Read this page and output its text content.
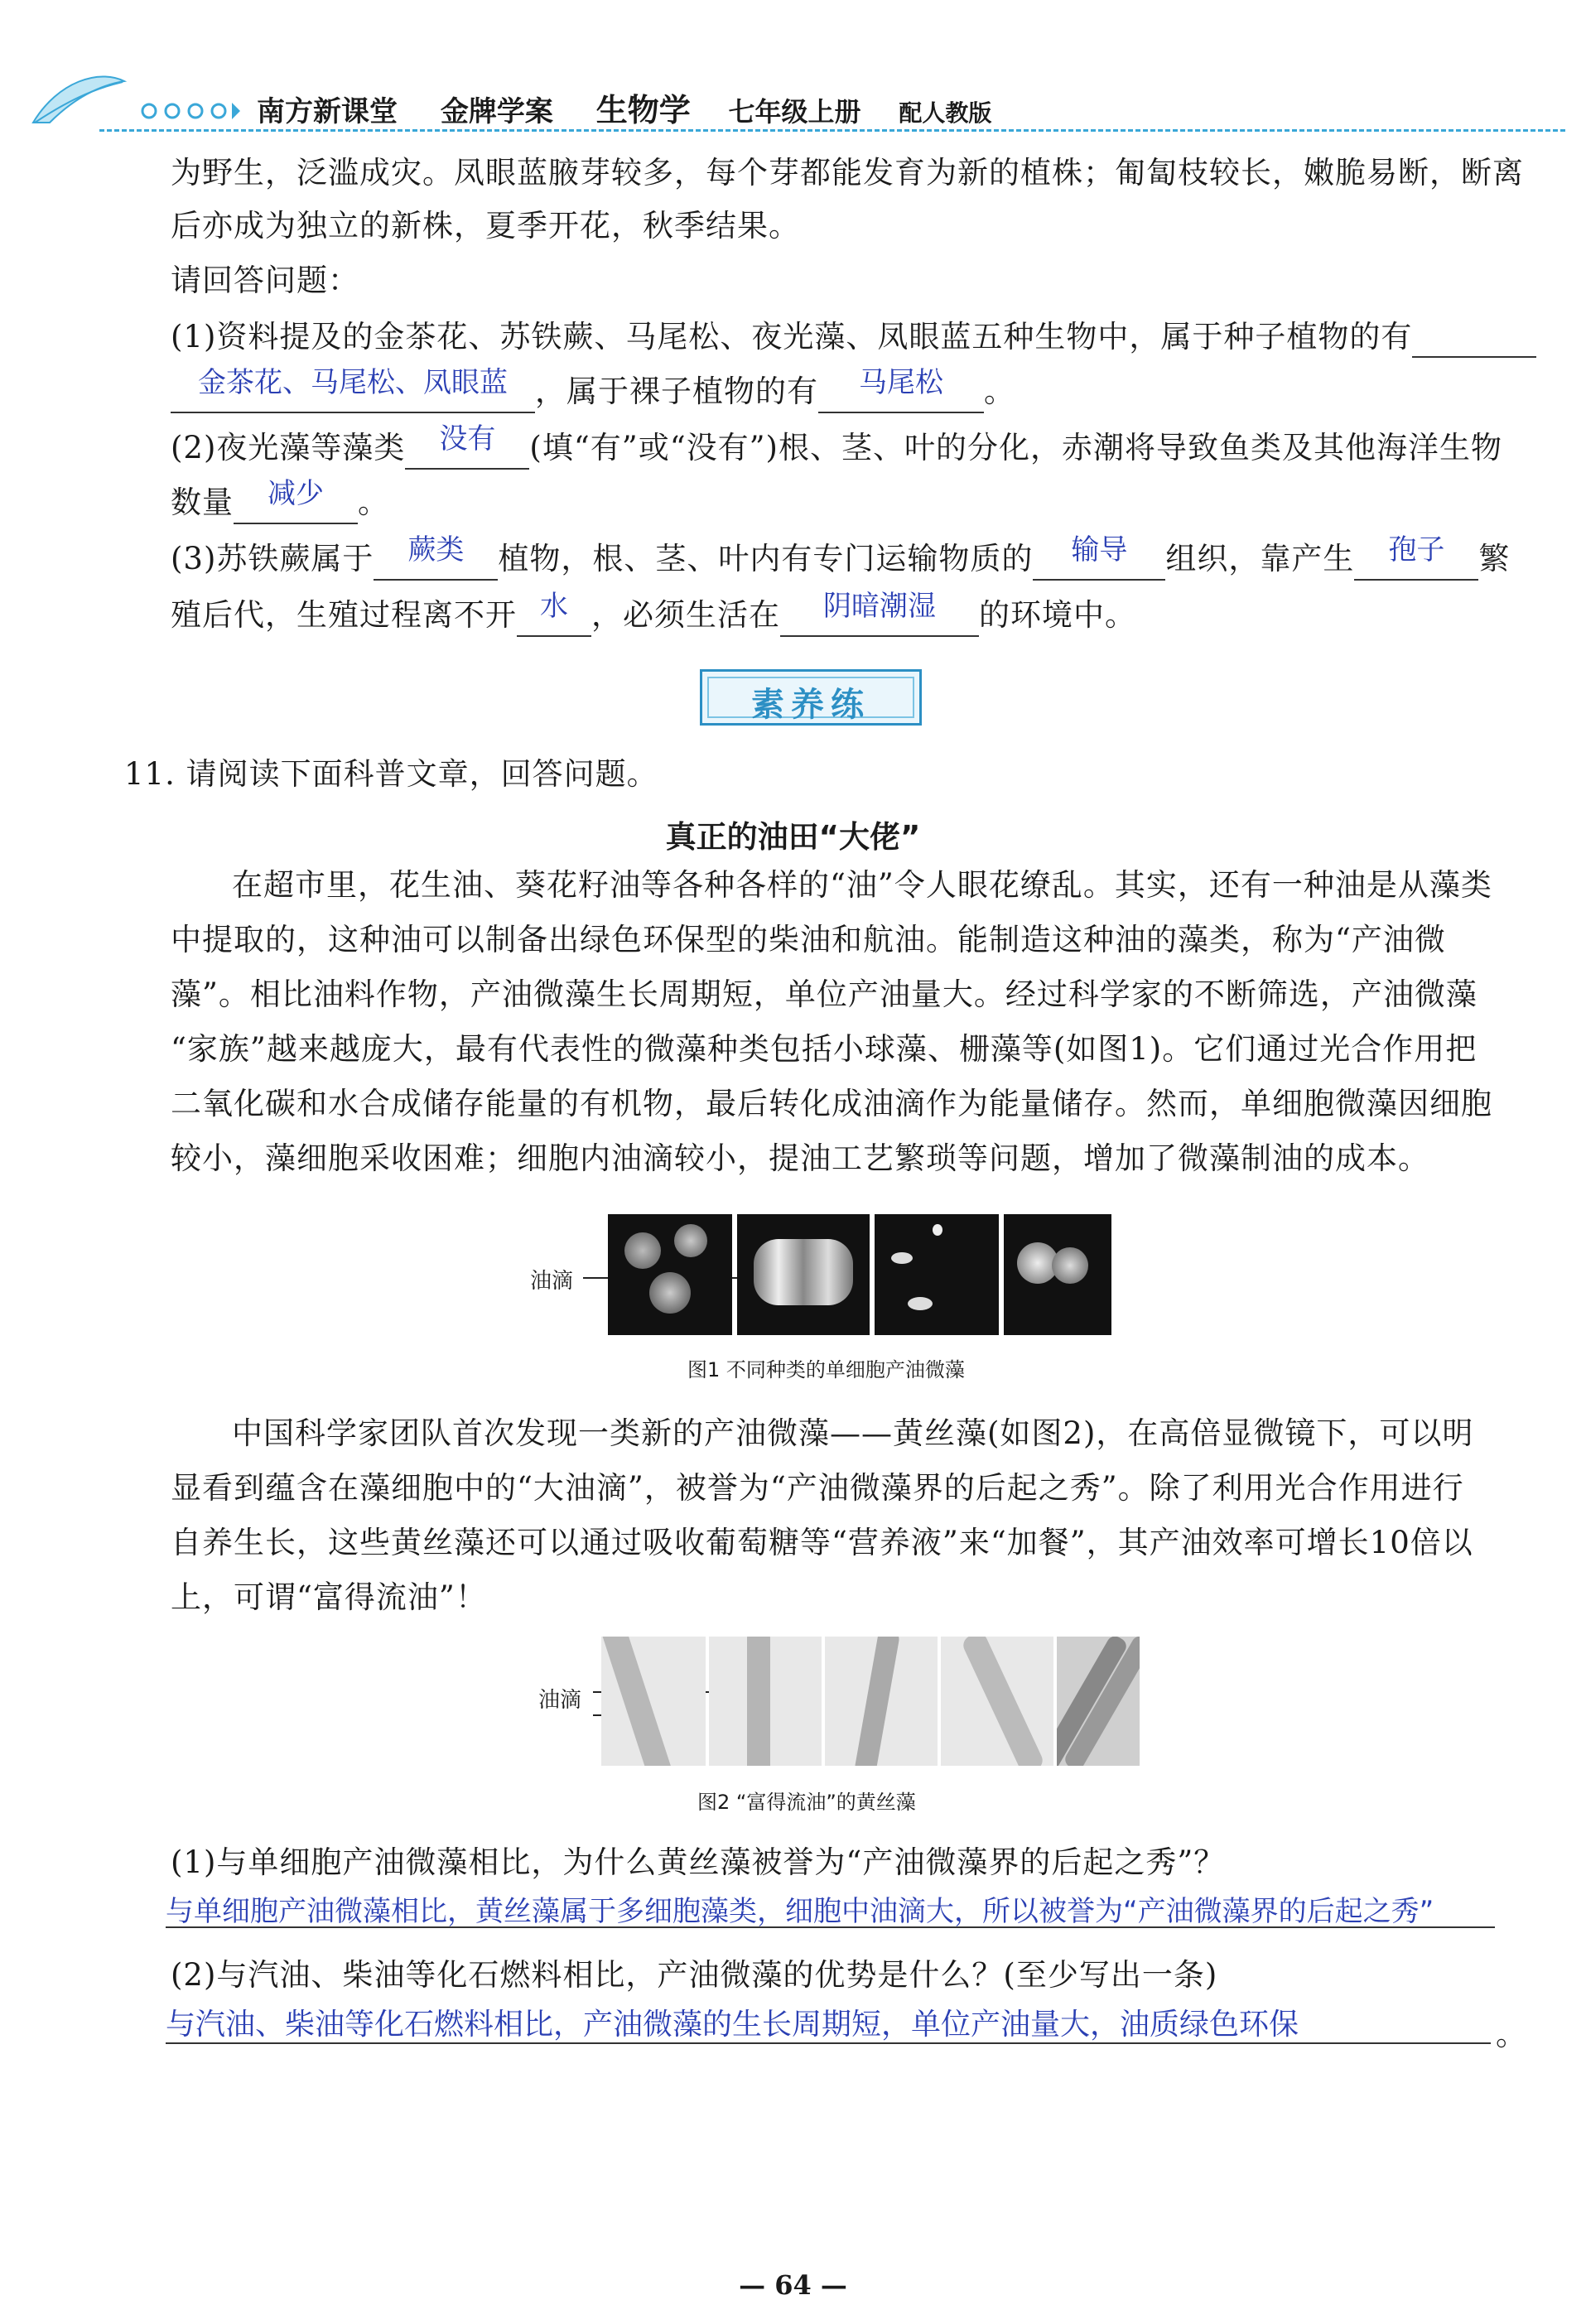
南方新课堂 金牌学案 生物学 七年级上册 配人教版
为野生，泛滥成灾。凤眼蓝腋芽较多，每个芽都能发育为新的植株；匍匐枝较长，嫩脆易断，断离
后亦成为独立的新株，夏季开花，秋季结果。
请回答问题：
(1)资料提及的金茶花、苏铁蕨、马尾松、夜光藻、凤眼蓝五种生物中，属于种子植物的有
金茶花、马尾松、凤眼蓝 ，属于裸子植物的有 马尾松 。
(2)夜光藻等藻类 没有 (填“有”或“没有”)根、茎、叶的分化，赤潮将导致鱼类及其他海洋生物
数量 减少 。
(3)苏铁蕨属于 蕨类 植物，根、茎、叶内有专门运输物质的 输导 组织，靠产生 孢子 繁
殖后代，生殖过程离不开 水 ，必须生活在 阴暗潮湿 的环境中。
素养练
11. 请阅读下面科普文章，回答问题。
真正的油田“大佬”
在超市里，花生油、葵花籽油等各种各样的“油”令人眼花缭乱。其实，还有一种油是从藻类
中提取的，这种油可以制备出绿色环保型的柴油和航油。能制造这种油的藻类，称为“产油微
藻”。相比油料作物，产油微藻生长周期短，单位产油量大。经过科学家的不断筛选，产油微藻
“家族”越来越庞大，最有代表性的微藻种类包括小球藻、栅藻等(如图1)。它们通过光合作用把
二氧化碳和水合成储存能量的有机物，最后转化成油滴作为能量储存。然而，单细胞微藻因细胞
较小，藻细胞采收困难；细胞内油滴较小，提油工艺繁琐等问题，增加了微藻制油的成本。
油滴
图1 不同种类的单细胞产油微藻
中国科学家团队首次发现一类新的产油微藻——黄丝藻(如图2)，在高倍显微镜下，可以明
显看到蕴含在藻细胞中的“大油滴”，被誉为“产油微藻界的后起之秀”。除了利用光合作用进行
自养生长，这些黄丝藻还可以通过吸收葡萄糖等“营养液”来“加餐”，其产油效率可增长10倍以
上，可谓“富得流油”！
油滴
图2 “富得流油”的黄丝藻
(1)与单细胞产油微藻相比，为什么黄丝藻被誉为“产油微藻界的后起之秀”？
与单细胞产油微藻相比，黄丝藻属于多细胞藻类，细胞中油滴大，所以被誉为“产油微藻界的后起之秀”
(2)与汽油、柴油等化石燃料相比，产油微藻的优势是什么？(至少写出一条)
与汽油、柴油等化石燃料相比，产油微藻的生长周期短，单位产油量大，油质绿色环保	。
— 64 —
